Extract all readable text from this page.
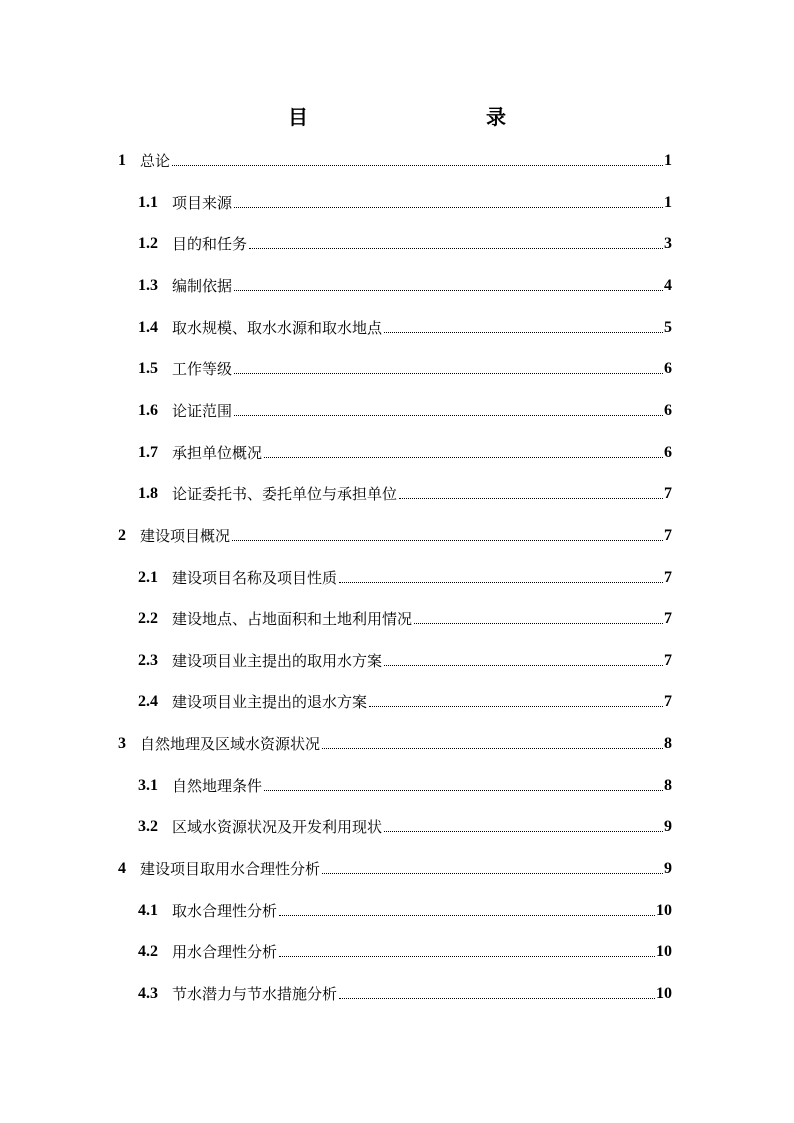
目　　录
1 总论	1
1.1 项目来源	1
1.2 目的和任务	3
1.3 编制依据	4
1.4 取水规模、取水水源和取水地点	5
1.5 工作等级	6
1.6 论证范围	6
1.7 承担单位概况	6
1.8 论证委托书、委托单位与承担单位	7
2 建设项目概况	7
2.1 建设项目名称及项目性质	7
2.2 建设地点、占地面积和土地利用情况	7
2.3 建设项目业主提出的取用水方案	7
2.4 建设项目业主提出的退水方案	7
3 自然地理及区域水资源状况	8
3.1 自然地理条件	8
3.2 区域水资源状况及开发利用现状	9
4 建设项目取用水合理性分析	9
4.1 取水合理性分析	10
4.2 用水合理性分析	10
4.3 节水潜力与节水措施分析	10
